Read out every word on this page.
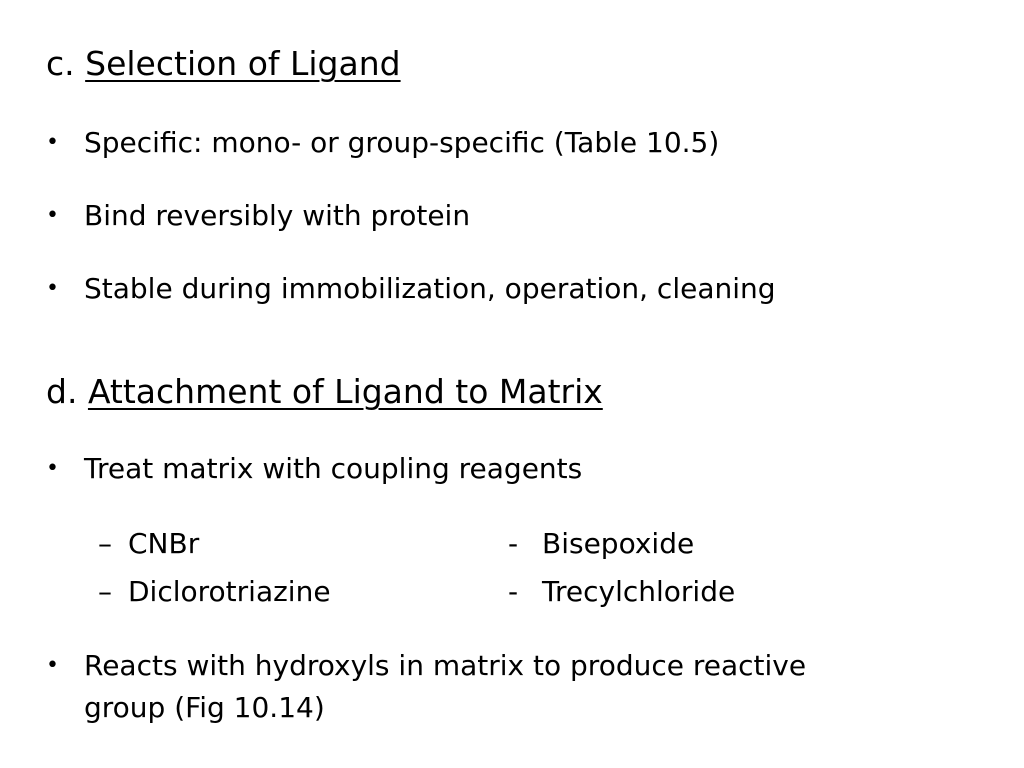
c. Selection of Ligand
• Specific: mono- or group-specific (Table 10.5)
• Bind reversibly with protein
• Stable during immobilization, operation, cleaning
d. Attachment of Ligand to Matrix
• Treat matrix with coupling reagents
– CNBr
– Diclorotriazine
- Bisepoxide
- Trecylchloride
• Reacts with hydroxyls in matrix to produce reactive
group (Fig 10.14)
